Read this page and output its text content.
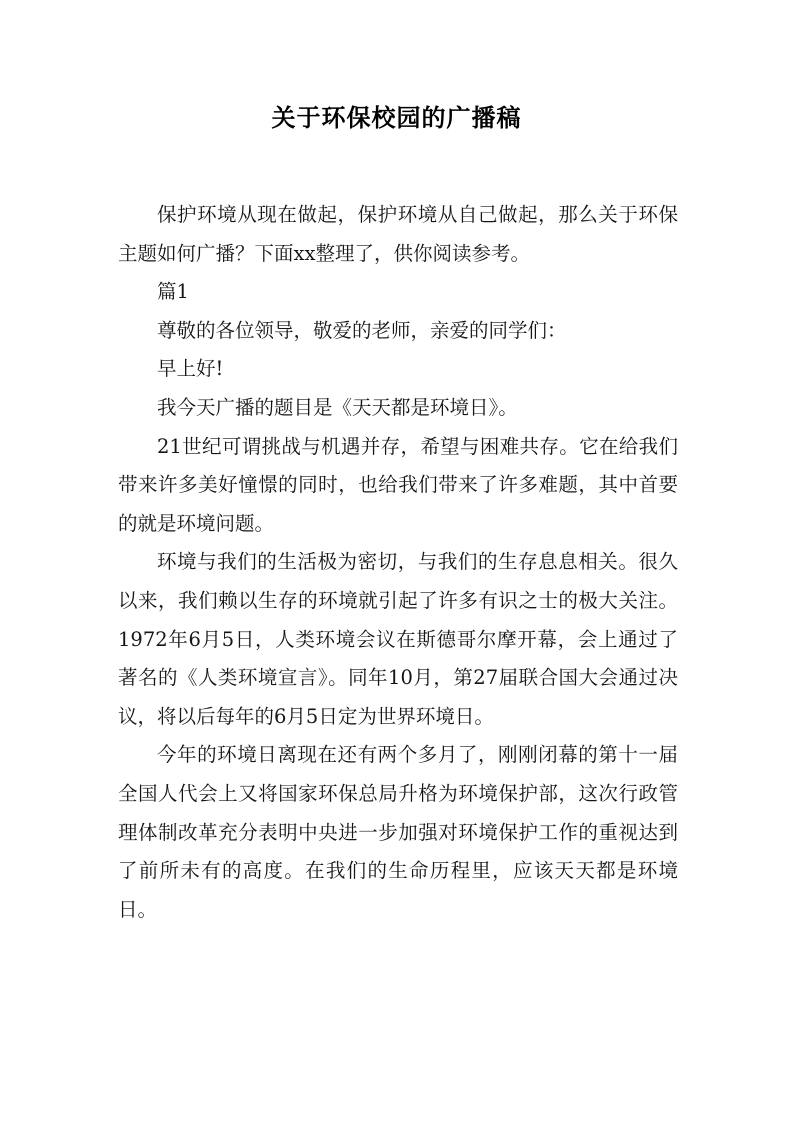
关于环保校园的广播稿

保护环境从现在做起，保护环境从自己做起，那么关于环保主题如何广播？下面xx整理了，供你阅读参考。

篇1

尊敬的各位领导，敬爱的老师，亲爱的同学们：

早上好!

我今天广播的题目是《天天都是环境日》。

21世纪可谓挑战与机遇并存，希望与困难共存。它在给我们带来许多美好憧憬的同时，也给我们带来了许多难题，其中首要的就是环境问题。

环境与我们的生活极为密切，与我们的生存息息相关。很久以来，我们赖以生存的环境就引起了许多有识之士的极大关注。1972年6月5日，人类环境会议在斯德哥尔摩开幕，会上通过了著名的《人类环境宣言》。同年10月，第27届联合国大会通过决议，将以后每年的6月5日定为世界环境日。

今年的环境日离现在还有两个多月了，刚刚闭幕的第十一届全国人代会上又将国家环保总局升格为环境保护部，这次行政管理体制改革充分表明中央进一步加强对环境保护工作的重视达到了前所未有的高度。在我们的生命历程里，应该天天都是环境日。
